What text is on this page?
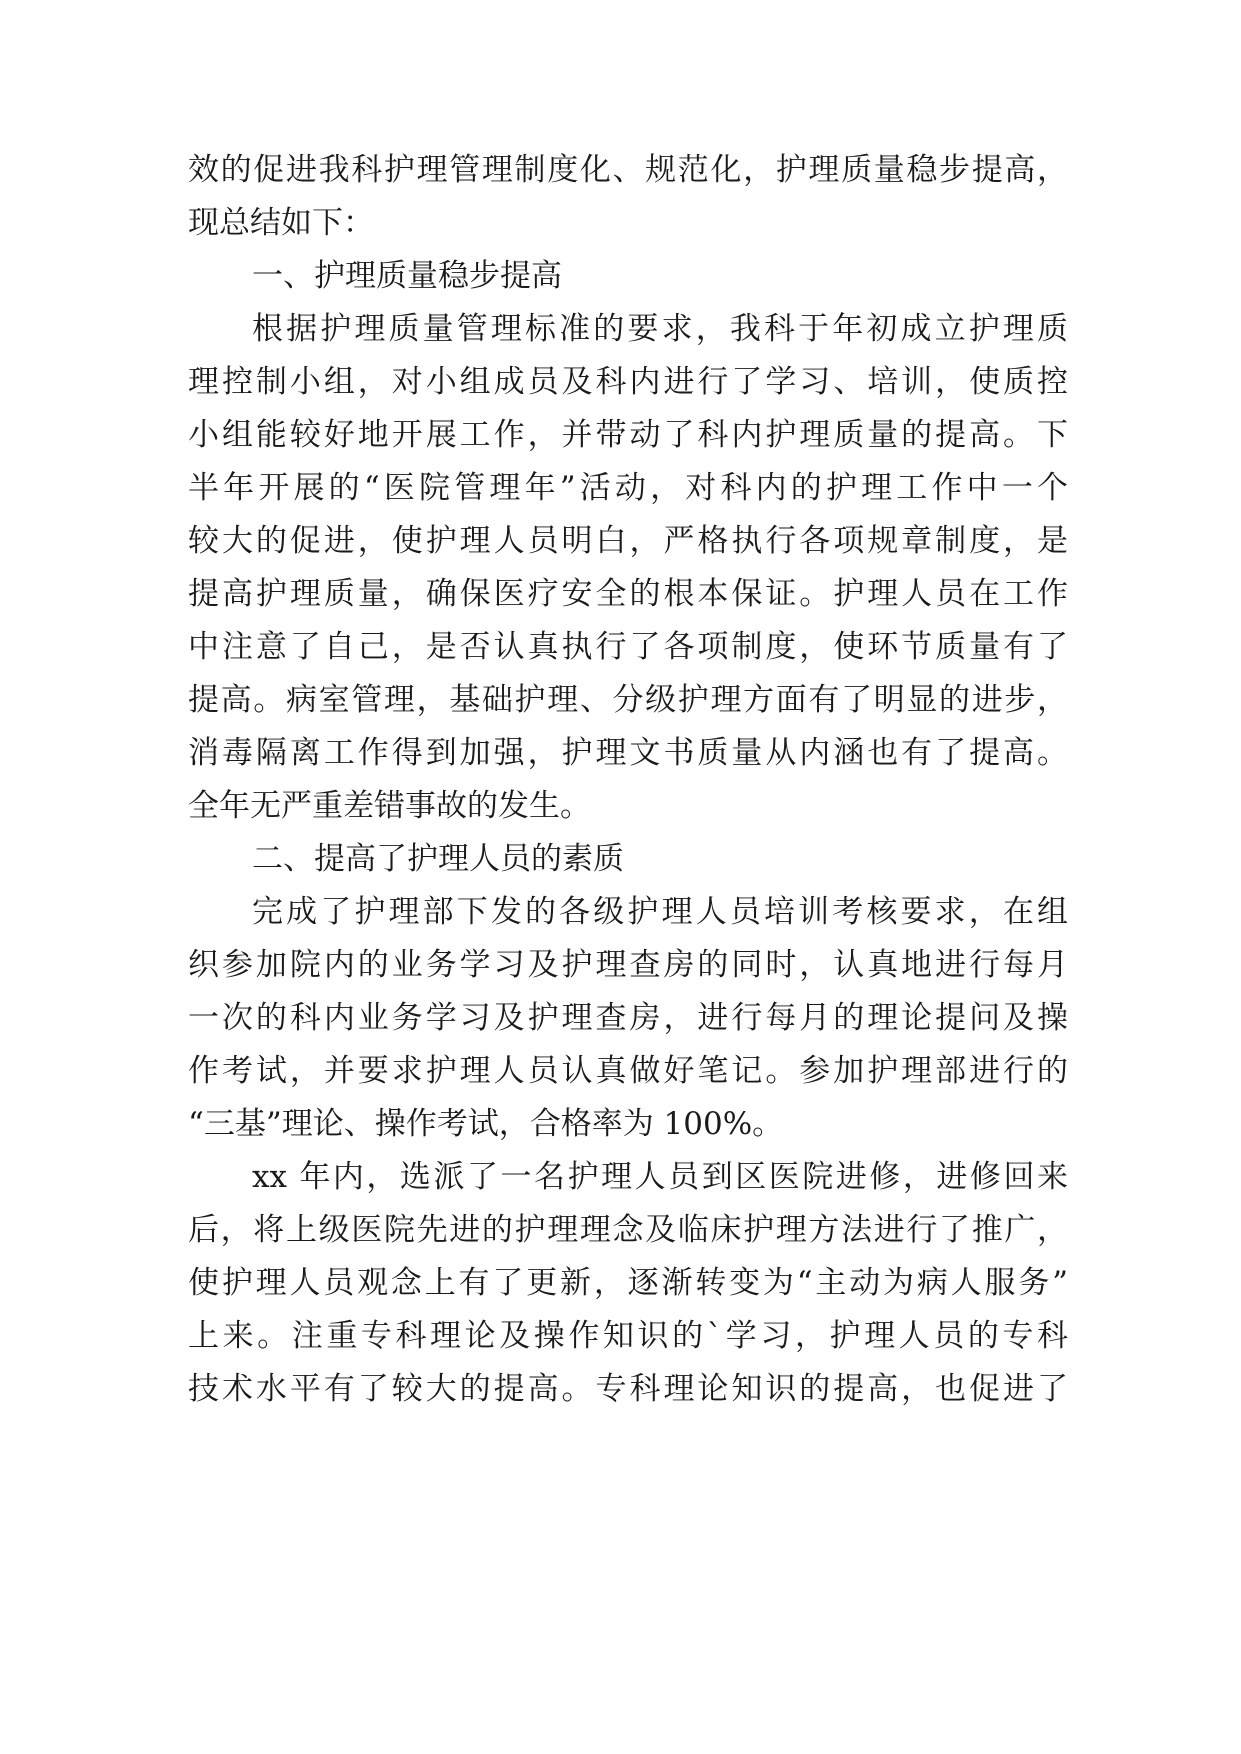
效的促进我科护理管理制度化、规范化，护理质量稳步提高，
现总结如下：
一、护理质量稳步提高
根据护理质量管理标准的要求，我科于年初成立护理质
理控制小组，对小组成员及科内进行了学习、培训，使质控
小组能较好地开展工作，并带动了科内护理质量的提高。下
半年开展的“医院管理年”活动，对科内的护理工作中一个
较大的促进，使护理人员明白，严格执行各项规章制度，是
提高护理质量，确保医疗安全的根本保证。护理人员在工作
中注意了自己，是否认真执行了各项制度，使环节质量有了
提高。病室管理，基础护理、分级护理方面有了明显的进步，
消毒隔离工作得到加强，护理文书质量从内涵也有了提高。
全年无严重差错事故的发生。
二、提高了护理人员的素质
完成了护理部下发的各级护理人员培训考核要求，在组
织参加院内的业务学习及护理查房的同时，认真地进行每月
一次的科内业务学习及护理查房，进行每月的理论提问及操
作考试，并要求护理人员认真做好笔记。参加护理部进行的
“三基”理论、操作考试，合格率为 100%。
xx 年内，选派了一名护理人员到区医院进修，进修回来
后，将上级医院先进的护理理念及临床护理方法进行了推广，
使护理人员观念上有了更新，逐渐转变为“主动为病人服务”
上来。注重专科理论及操作知识的`学习，护理人员的专科
技术水平有了较大的提高。专科理论知识的提高，也促进了
